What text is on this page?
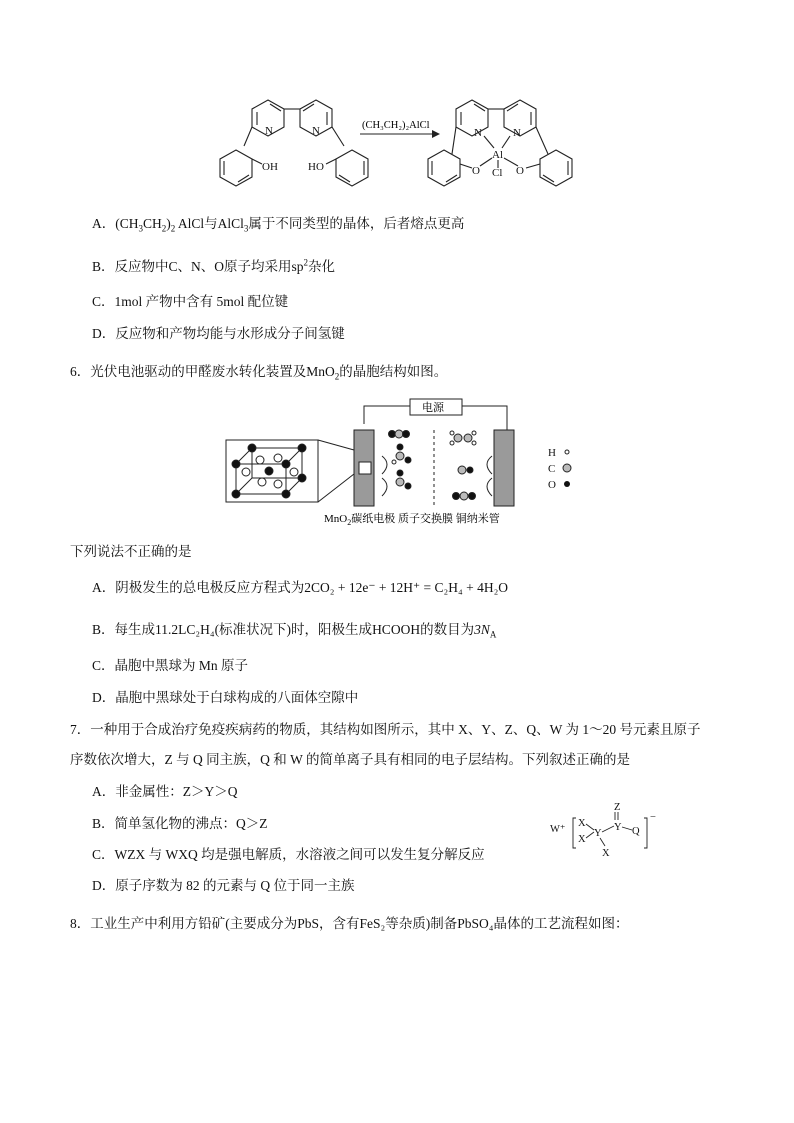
(CH₃CH₂)₂AlCl
N	N
OH	HO
N	N
Al
O Cl O
A．$(CH_3CH_2)_2$ AlCl与AlCl$_3$属于不同类型的晶体，后者熔点更高
B．反应物中C、N、O原子均采用$sp^2$杂化
C．1mol 产物中含有 5mol 配位键
D．反应物和产物均能与水形成分子间氢键
6．光伏电池驱动的甲醛废水转化装置及MnO$_2$的晶胞结构如图。
H
C
O
电源
MnO$_2$碳纸电极 质子交换膜 铜纳米管
下列说法不正确的是
A．阴极发生的总电极反应方程式为2CO₂ + 12e⁻ + 12H⁺ = C₂H₄ + 4H₂O
B．每生成11.2LC₂H₄(标准状况下)时，阳极生成HCOOH的数目为$3N_A$
C．晶胞中黑球为 Mn 原子
D．晶胞中黑球处于白球构成的八面体空隙中
7．一种用于合成治疗免疫疾病药的物质，其结构如图所示，其中 X、Y、Z、Q、W 为 1～20 号元素且原子
序数依次增大，Z 与 Q 同主族，Q 和 W 的简单离子具有相同的电子层结构。下列叙述正确的是
A．非金属性：Z＞Y＞Q
B．简单氢化物的沸点：Q＞Z
C．WZX 与 WXQ 均是强电解质，水溶液之间可以发生复分解反应
D．原子序数为 82 的元素与 Q 位于同一主族
W⁺
X
X
Y
Y
Z
Q
X
−
8．工业生产中利用方铅矿(主要成分为PbS，含有FeS₂等杂质)制备PbSO₄晶体的工艺流程如图：
